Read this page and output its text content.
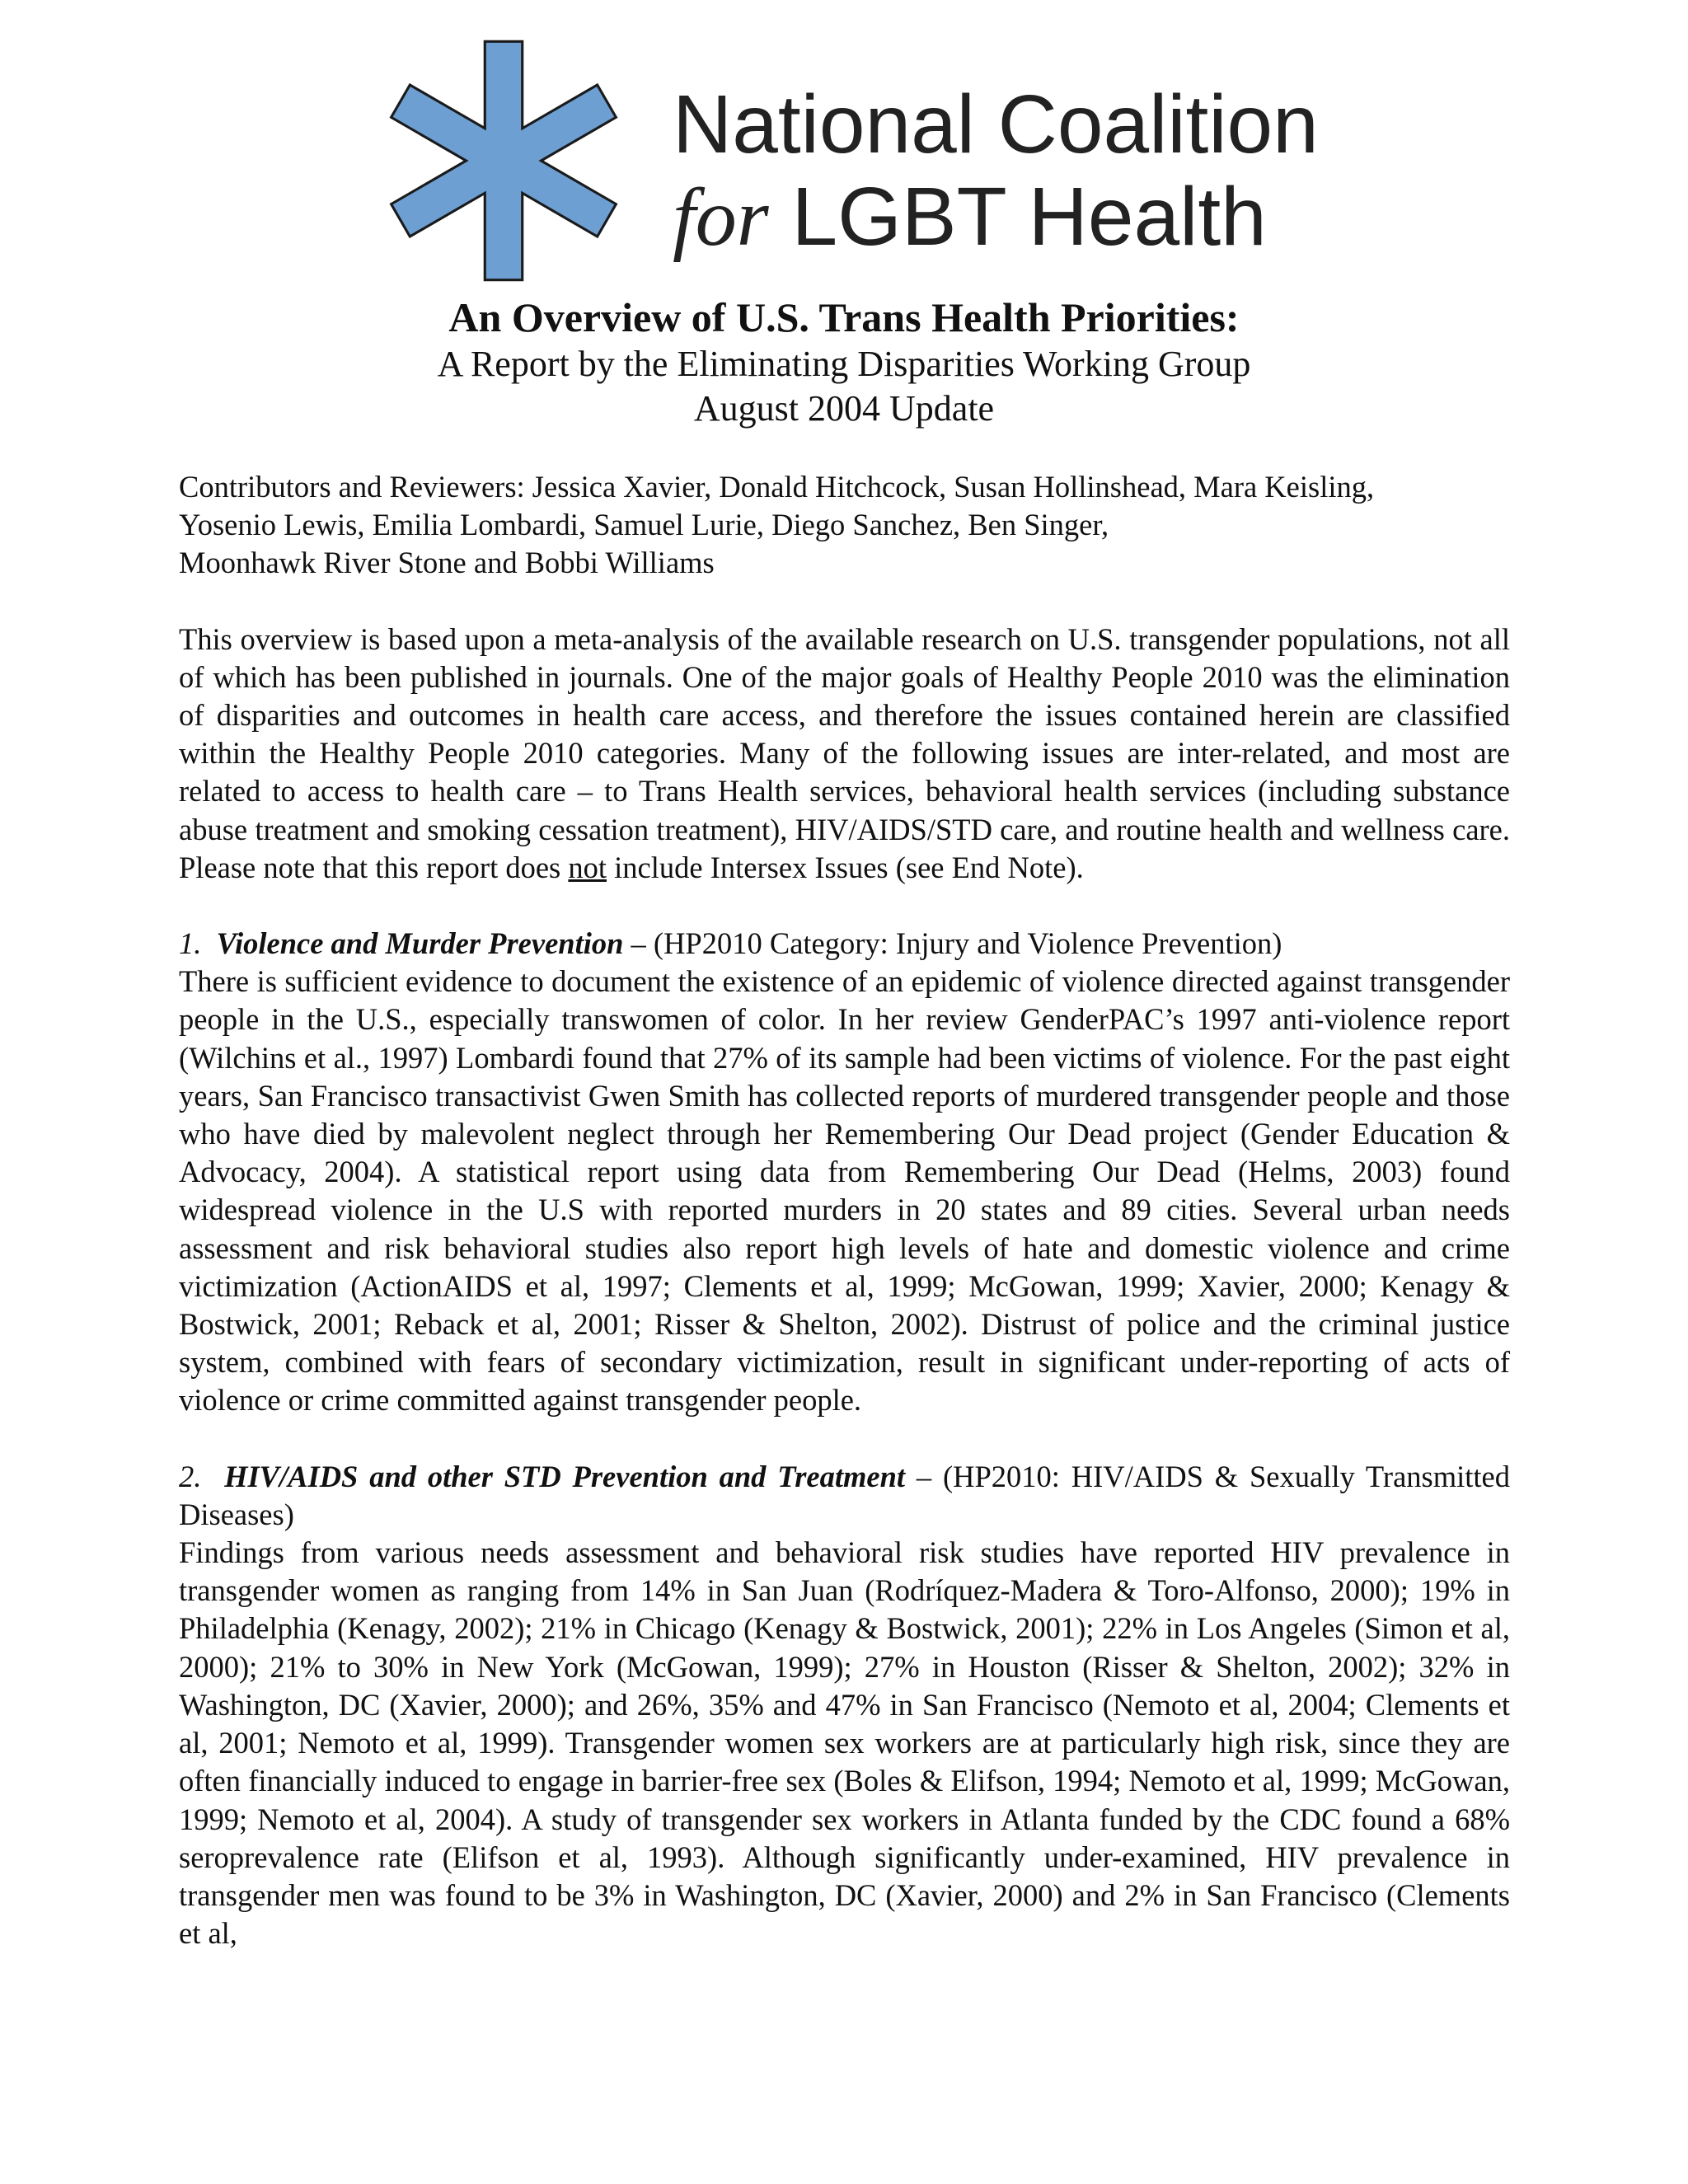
National Coalition
for LGBT Health
An Overview of U.S. Trans Health Priorities:
A Report by the Eliminating Disparities Working Group
August 2004 Update
Contributors and Reviewers: Jessica Xavier, Donald Hitchcock, Susan Hollinshead, Mara Keisling,
Yosenio Lewis, Emilia Lombardi, Samuel Lurie, Diego Sanchez, Ben Singer,
Moonhawk River Stone and Bobbi Williams

This overview is based upon a meta-analysis of the available research on U.S. transgender populations, not all of which has been published in journals. One of the major goals of Healthy People 2010 was the elimination of disparities and outcomes in health care access, and therefore the issues contained herein are classified within the Healthy People 2010 categories. Many of the following issues are inter-related, and most are related to access to health care – to Trans Health services, behavioral health services (including substance abuse treatment and smoking cessation treatment), HIV/AIDS/STD care, and routine health and wellness care. Please note that this report does not include Intersex Issues (see End Note).

1. Violence and Murder Prevention – (HP2010 Category: Injury and Violence Prevention)

There is sufficient evidence to document the existence of an epidemic of violence directed against transgender people in the U.S., especially transwomen of color. In her review GenderPAC’s 1997 anti-violence report (Wilchins et al., 1997) Lombardi found that 27% of its sample had been victims of violence. For the past eight years, San Francisco transactivist Gwen Smith has collected reports of murdered transgender people and those who have died by malevolent neglect through her Remembering Our Dead project (Gender Education & Advocacy, 2004). A statistical report using data from Remembering Our Dead (Helms, 2003) found widespread violence in the U.S with reported murders in 20 states and 89 cities. Several urban needs assessment and risk behavioral studies also report high levels of hate and domestic violence and crime victimization (ActionAIDS et al, 1997; Clements et al, 1999; McGowan, 1999; Xavier, 2000; Kenagy & Bostwick, 2001; Reback et al, 2001; Risser & Shelton, 2002). Distrust of police and the criminal justice system, combined with fears of secondary victimization, result in significant under-reporting of acts of violence or crime committed against transgender people.

2. HIV/AIDS and other STD Prevention and Treatment – (HP2010: HIV/AIDS & Sexually Transmitted Diseases)

Findings from various needs assessment and behavioral risk studies have reported HIV prevalence in transgender women as ranging from 14% in San Juan (Rodríquez-Madera & Toro-Alfonso, 2000); 19% in Philadelphia (Kenagy, 2002); 21% in Chicago (Kenagy & Bostwick, 2001); 22% in Los Angeles (Simon et al, 2000); 21% to 30% in New York (McGowan, 1999); 27% in Houston (Risser & Shelton, 2002); 32% in Washington, DC (Xavier, 2000); and 26%, 35% and 47% in San Francisco (Nemoto et al, 2004; Clements et al, 2001; Nemoto et al, 1999). Transgender women sex workers are at particularly high risk, since they are often financially induced to engage in barrier-free sex (Boles & Elifson, 1994; Nemoto et al, 1999; McGowan, 1999; Nemoto et al, 2004). A study of transgender sex workers in Atlanta funded by the CDC found a 68% seroprevalence rate (Elifson et al, 1993). Although significantly under-examined, HIV prevalence in transgender men was found to be 3% in Washington, DC (Xavier, 2000) and 2% in San Francisco (Clements et al,
